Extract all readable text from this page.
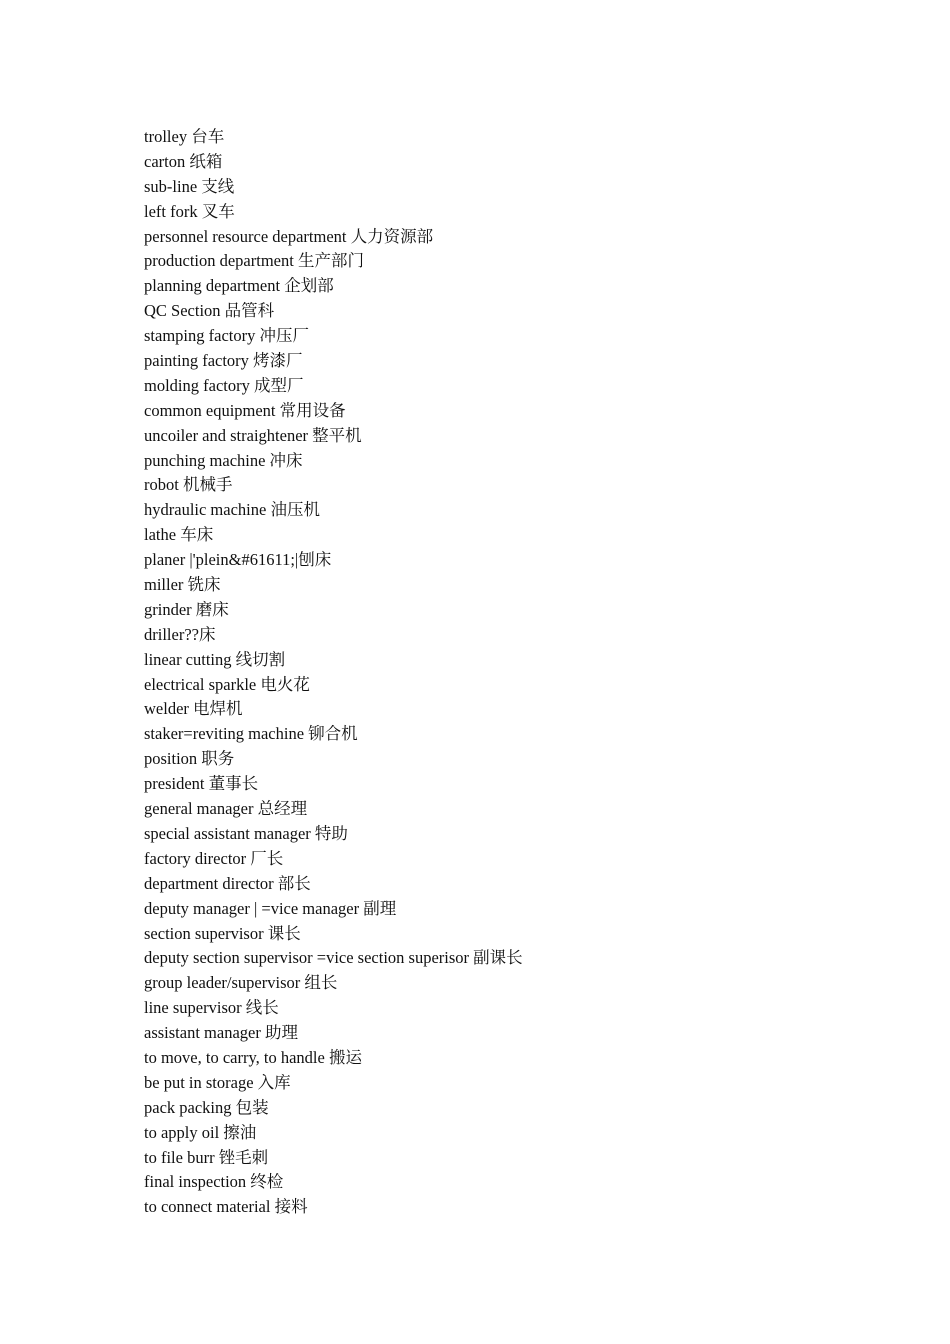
trolley 台车
carton 纸箱
sub-line 支线
left fork 叉车
personnel resource department 人力资源部
production department 生产部门
planning department 企划部
QC Section 品管科
stamping factory 冲压厂
painting factory 烤漆厂
molding factory 成型厂
common equipment 常用设备
uncoiler and straightener 整平机
punching machine 冲床
robot 机械手
hydraulic machine 油压机
lathe 车床
planer |'plein&#61611;|刨床
miller 铣床
grinder 磨床
driller??床
linear cutting 线切割
electrical sparkle 电火花
welder 电焊机
staker=reviting machine 铆合机
position 职务
president 董事长
general manager 总经理
special assistant manager 特助
factory director 厂长
department director 部长
deputy manager | =vice manager 副理
section supervisor 课长
deputy section supervisor =vice section superisor 副课长
group leader/supervisor 组长
line supervisor 线长
assistant manager 助理
to move, to carry, to handle 搬运
be put in storage 入库
pack packing 包装
to apply oil 擦油
to file burr 锉毛刺
final inspection 终检
to connect material 接料
